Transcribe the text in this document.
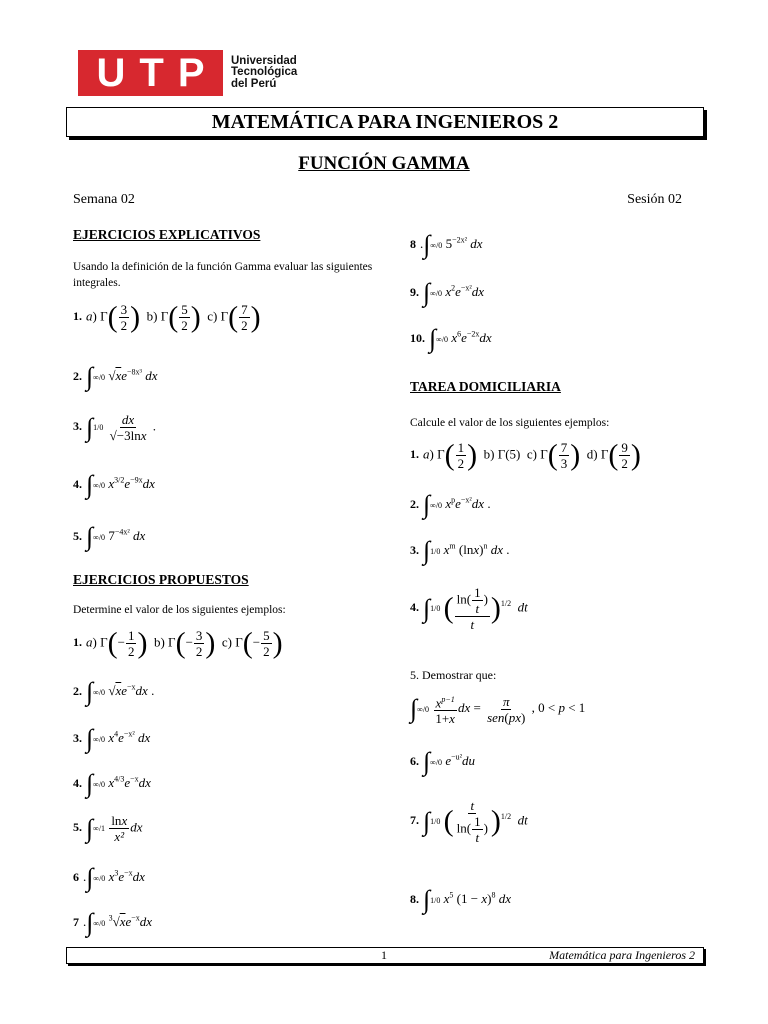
U T P Universidad
Tecnológica
del Perú
MATEMÁTICA PARA INGENIEROS 2
FUNCIÓN GAMMA
Semana 02	Sesión 02
EJERCICIOS EXPLICATIVOS
Usando la definición de la función Gamma evaluar las siguientes integrales.
1. a) $\Gamma( \frac{3}{2}$ )  b) $\Gamma( \frac{5}{2}$ )  c) $\Gamma( \frac{7}{2}$ )
2. ∫∞/0 $√xe^{-8x^3}$ dx
3. $\int 1/0 \frac{dx}{√-3\ln x}$ .
4. ∫∞/0 $x^{3/2}e^{-9x}dx$
5. ∫∞/0 $7^{-4x^2}$ dx
EJERCICIOS PROPUESTOS
Determine el valor de los siguientes ejemplos:
1. a) $\Gamma(- \frac{1}{2}$ )  b) $\Gamma(- \frac{3}{2}$ )  c) $\Gamma(- \frac{5}{2}$ )
2. ∫∞/0 $√xe^{-x}dx$ .
3. ∫∞/0 $x^4e^{-x^2}$ dx
4. ∫∞/0 $x^{4/3}e^{-x}dx$
5. $\int\infty/1 \frac{\ln x}{\text{x²}}$ dx
6 .∫∞/0 $x^3e^{-x}dx$
7 .∫∞/0 $^3√xe^{-x}dx$
8 .∫∞/0 $5^{-2x^2}$ dx
9. ∫∞/0 $x^2e^{-x^2}dx$
10. ∫∞/0 $x^6e^{-2x}dx$
TAREA DOMICILIARIA
Calcule el valor de los siguientes ejemplos:
1. a) $\Gamma( \frac{1}{2}$ )  b) Γ(5)  c) $\Gamma( \frac{7}{3}$ )  d) $\Gamma( \frac{9}{2}$ )
2. ∫∞/0 $x^pe^{-x^2}dx$ .
3. ∫1/0 $x^m$ $(\ln x)^n$ dx .
4. ∫1/0 ( $\frac{\ln( \frac{1}{t} )}{t} )^{1/2}$ dt
5. Demostrar que:
$\int\infty/0 \frac{x^{p-1}}{1+x}$ dx = $\frac{\pi}{\text{sen(px)}}$ , 0 < p < 1
6. ∫∞/0 $e^{-u^2}du$
7. ∫1/0 ( $\frac{t}{\ln( \frac{1}{t} )} )^{1/2}$ dt
8. ∫1/0 $x^5$ $(1 - x)^8$ dx
1	Matemática para Ingenieros 2
